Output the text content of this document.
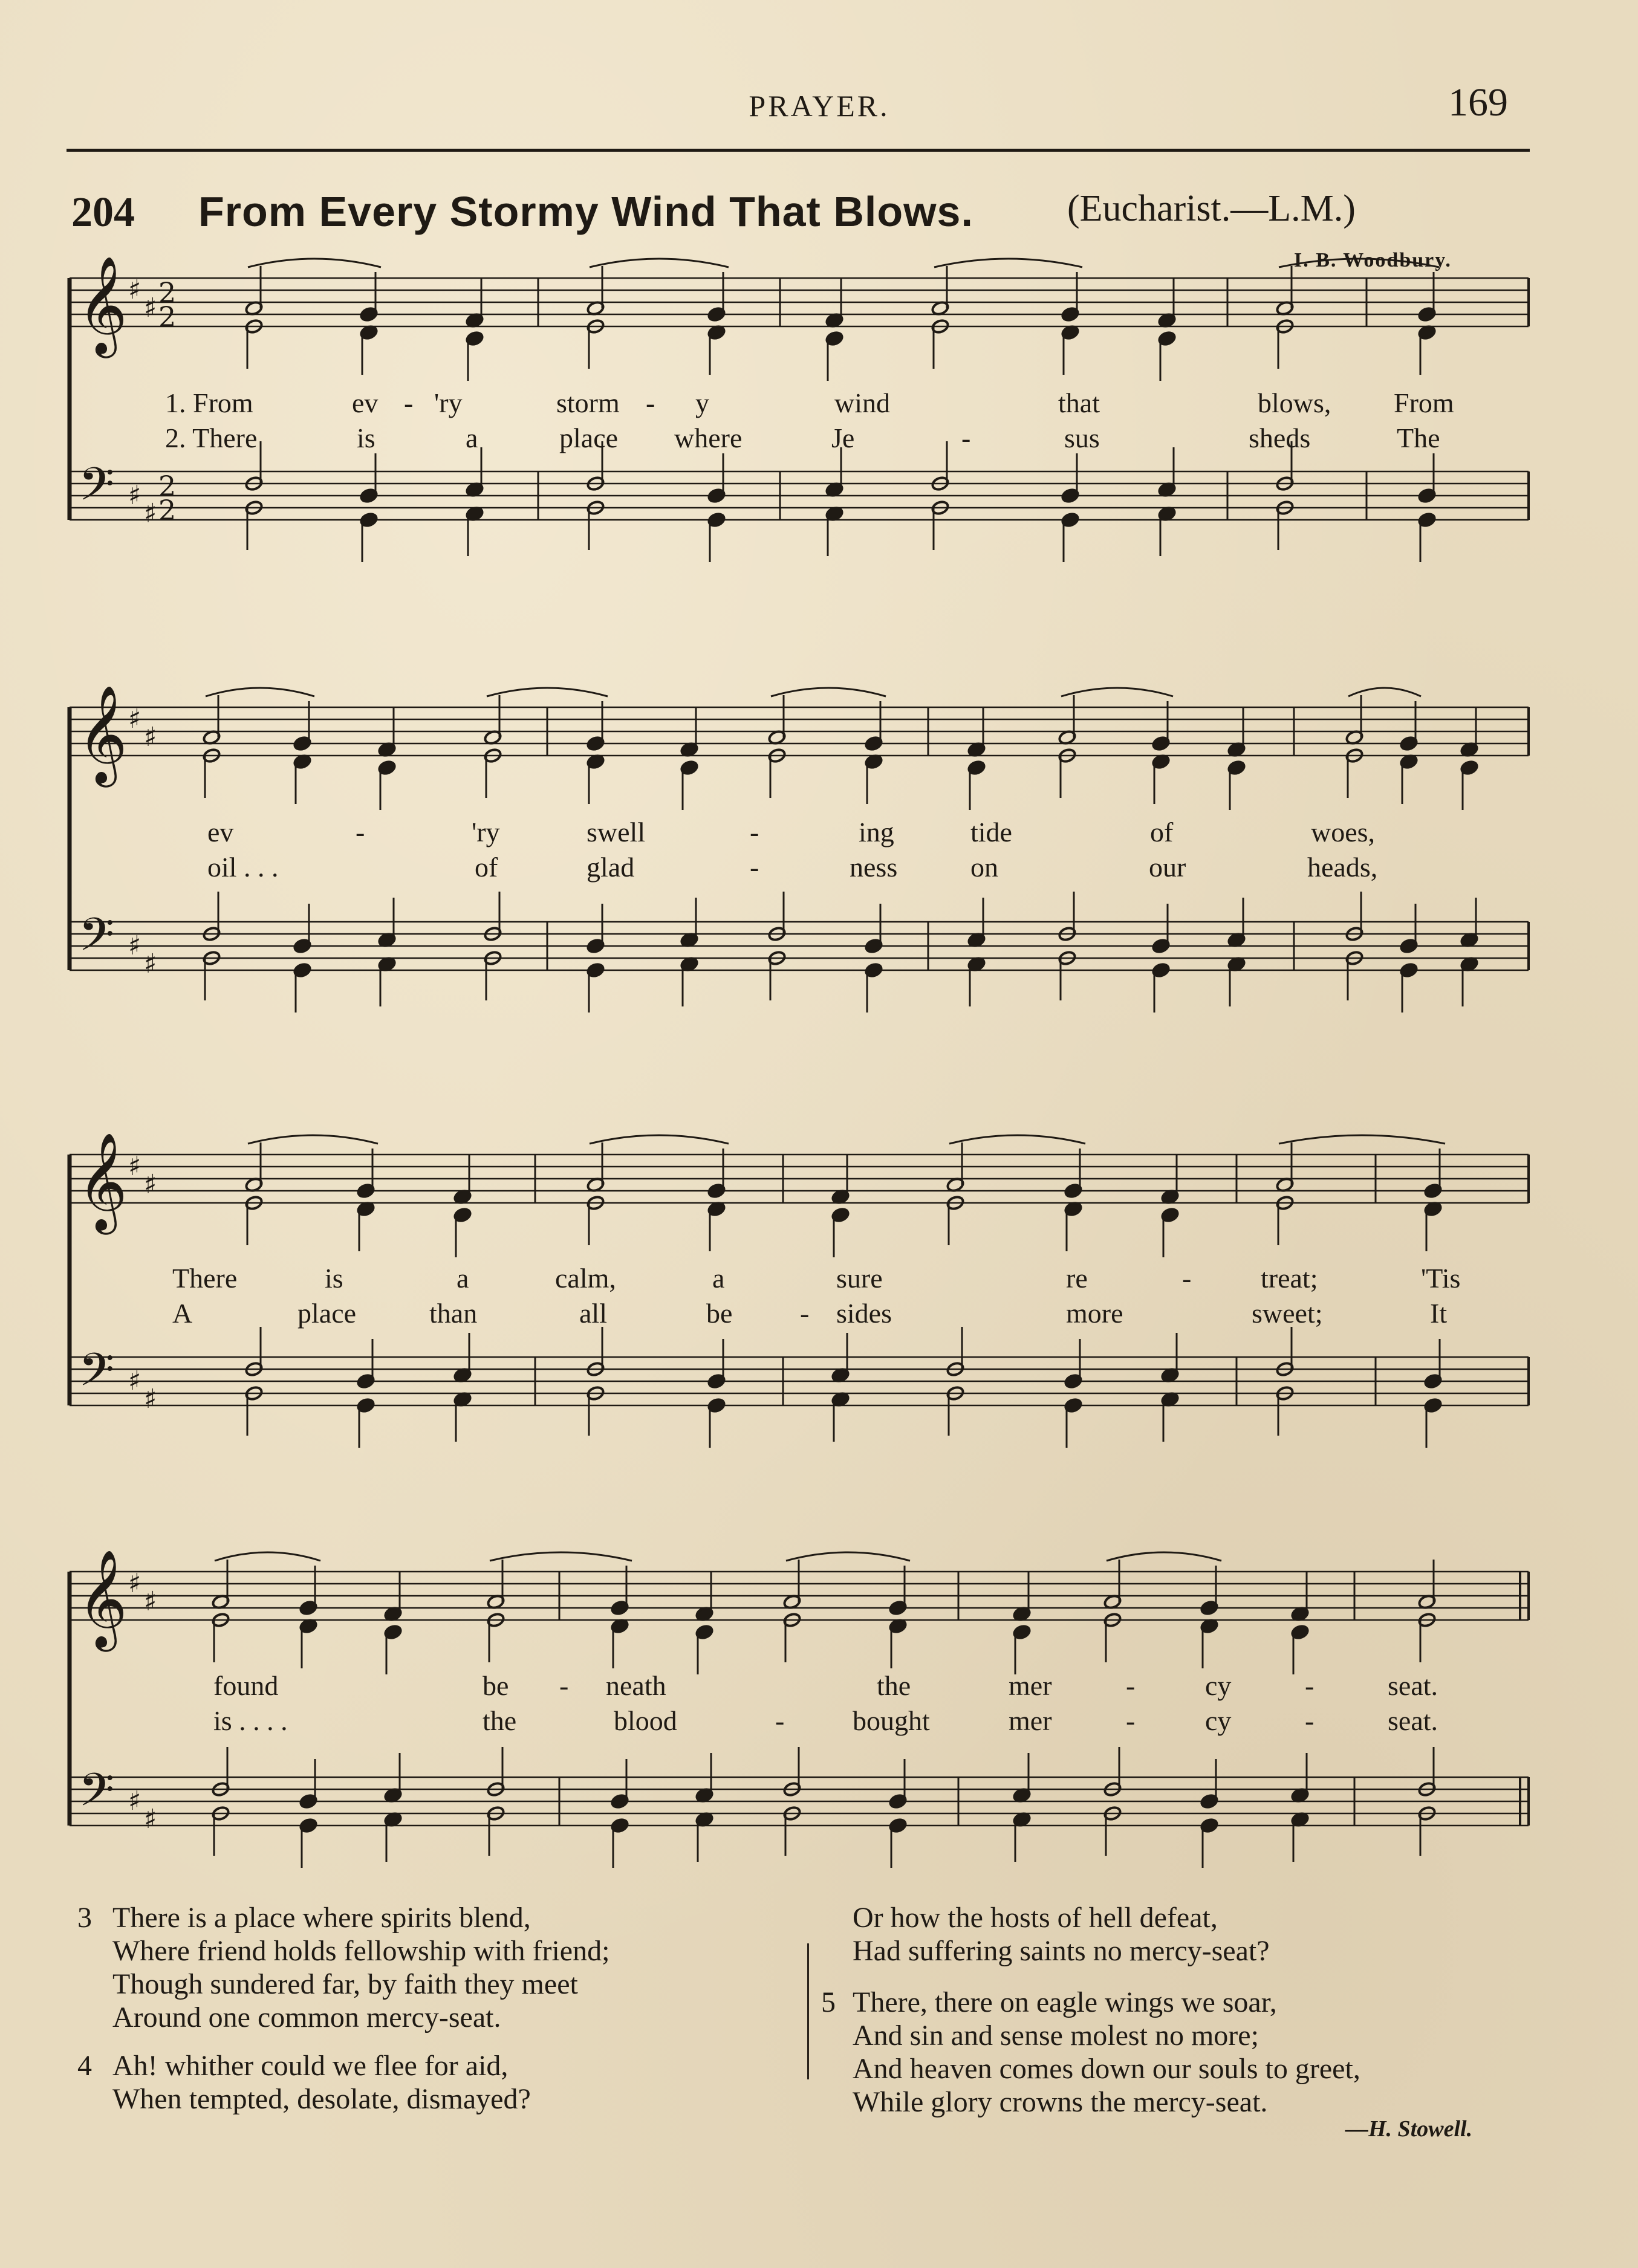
PRAYER.	169
204 From Every Stormy Wind That Blows.	(Eucharist.—L.M.)
I. B. Woodbury.
𝄞
𝄢
♯
♯
♯
♯
2
2
2
2
𝄞
𝄢
♯
♯
♯
♯
𝄞
𝄢
♯
♯
♯
♯
𝄞
𝄢
♯
♯
♯
♯
1. From	ev - 'ry	storm - y	wind	that	blows, From
2. There	is	a	place where	Je	-	sus	sheds	The
ev	-	'ry	swell	-	ing	tide	of	woes,
oil . . .	of	glad	-	ness	on	our	heads,
There	is	a	calm,	a	sure	re	- treat;	'Tis
A	place	than	all	be - sides	more	sweet;	It
found	be - neath	the	mer	-	cy	-	seat.
is . . . .	the	blood	- bought	mer	-	cy	-	seat.
3 There is a place where spirits blend,
Where friend holds fellowship with friend;
Though sundered far, by faith they meet
Around one common mercy-seat.
4 Ah! whither could we flee for aid,
When tempted, desolate, dismayed?
Or how the hosts of hell defeat,
Had suffering saints no mercy-seat?
5 There, there on eagle wings we soar,
And sin and sense molest no more;
And heaven comes down our souls to greet,
While glory crowns the mercy-seat.
—H. Stowell.
